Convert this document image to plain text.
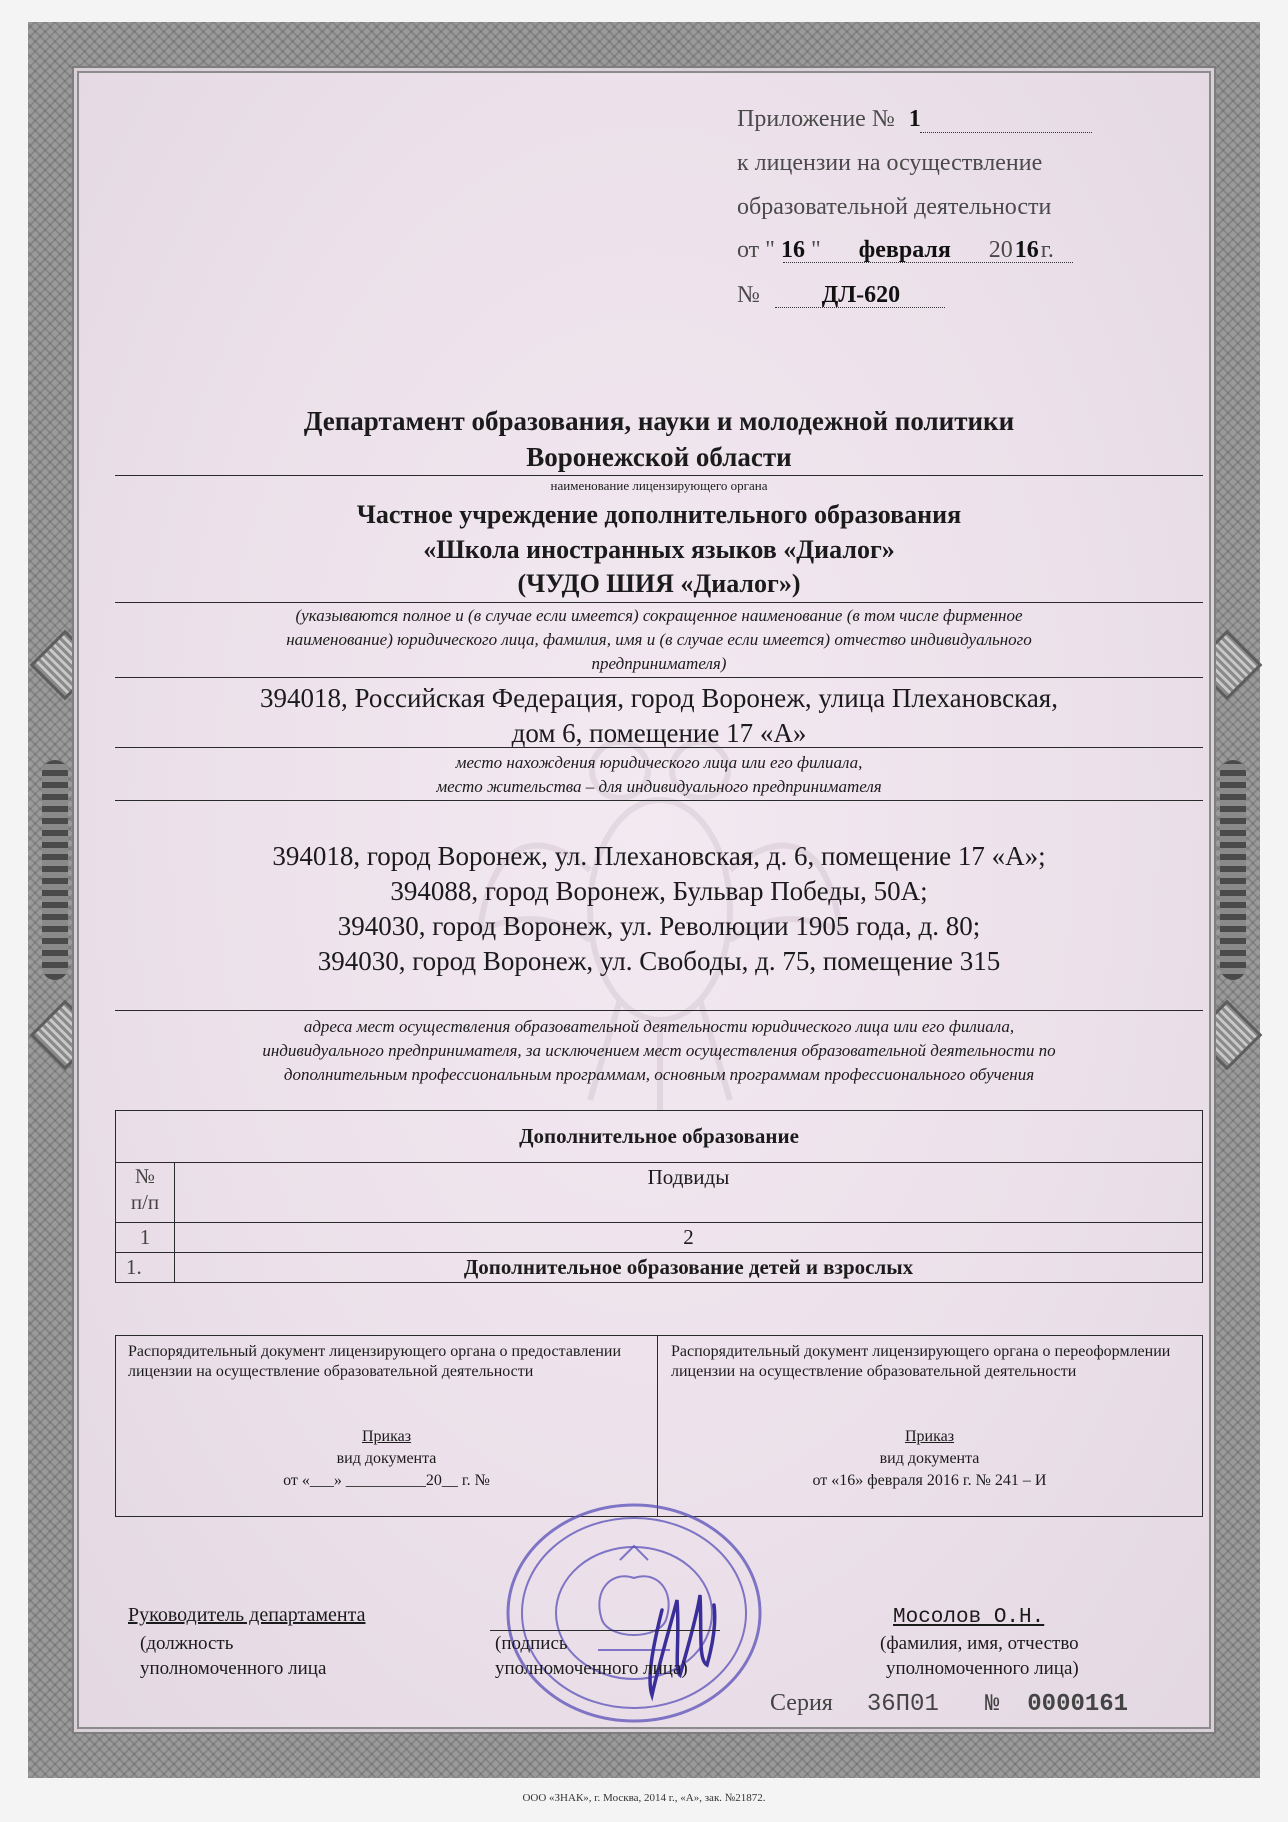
Приложение № 1
к лицензии на осуществление
образовательной деятельности
от " 16 " февраля 2016г.
№	ДЛ-620
Департамент образования, науки и молодежной политики
Воронежской области
наименование лицензирующего органа
Частное учреждение дополнительного образования
«Школа иностранных языков «Диалог»
(ЧУДО ШИЯ «Диалог»)
(указываются полное и (в случае если имеется) сокращенное наименование (в том числе фирменное
наименование) юридического лица, фамилия, имя и (в случае если имеется) отчество индивидуального
предпринимателя)
394018, Российская Федерация, город Воронеж, улица Плехановская,
дом 6, помещение 17 «А»
место нахождения юридического лица или его филиала,
место жительства – для индивидуального предпринимателя
394018, город Воронеж, ул. Плехановская, д. 6, помещение 17 «А»;
394088, город Воронеж, Бульвар Победы, 50А;
394030, город Воронеж, ул. Революции 1905 года, д. 80;
394030, город Воронеж, ул. Свободы, д. 75, помещение 315
адреса мест осуществления образовательной деятельности юридического лица или его филиала,
индивидуального предпринимателя, за исключением мест осуществления образовательной деятельности по
дополнительным профессиональным программам, основным программам профессионального обучения
Дополнительное образование	

№
п/п	Подвиды
1	2
1.	Дополнительное образование детей и взрослых
Распорядительный документ лицензирующего органа о предоставлении лицензии на осуществление образовательной деятельности
Приказ
вид документа
от «___» __________20__ г. №
Распорядительный документ лицензирующего органа о переоформлении лицензии на осуществление образовательной деятельности
Приказ
вид документа
от «16» февраля 2016 г. № 241 – И
Руководитель департамента
(должность
уполномоченного лица
(подпись
уполномоченного лица)
Мосолов О.Н.
(фамилия, имя, отчество
уполномоченного лица)
Серия 36П01 № 0000161
ООО «ЗНАК», г. Москва, 2014 г., «А», зак. №21872.
